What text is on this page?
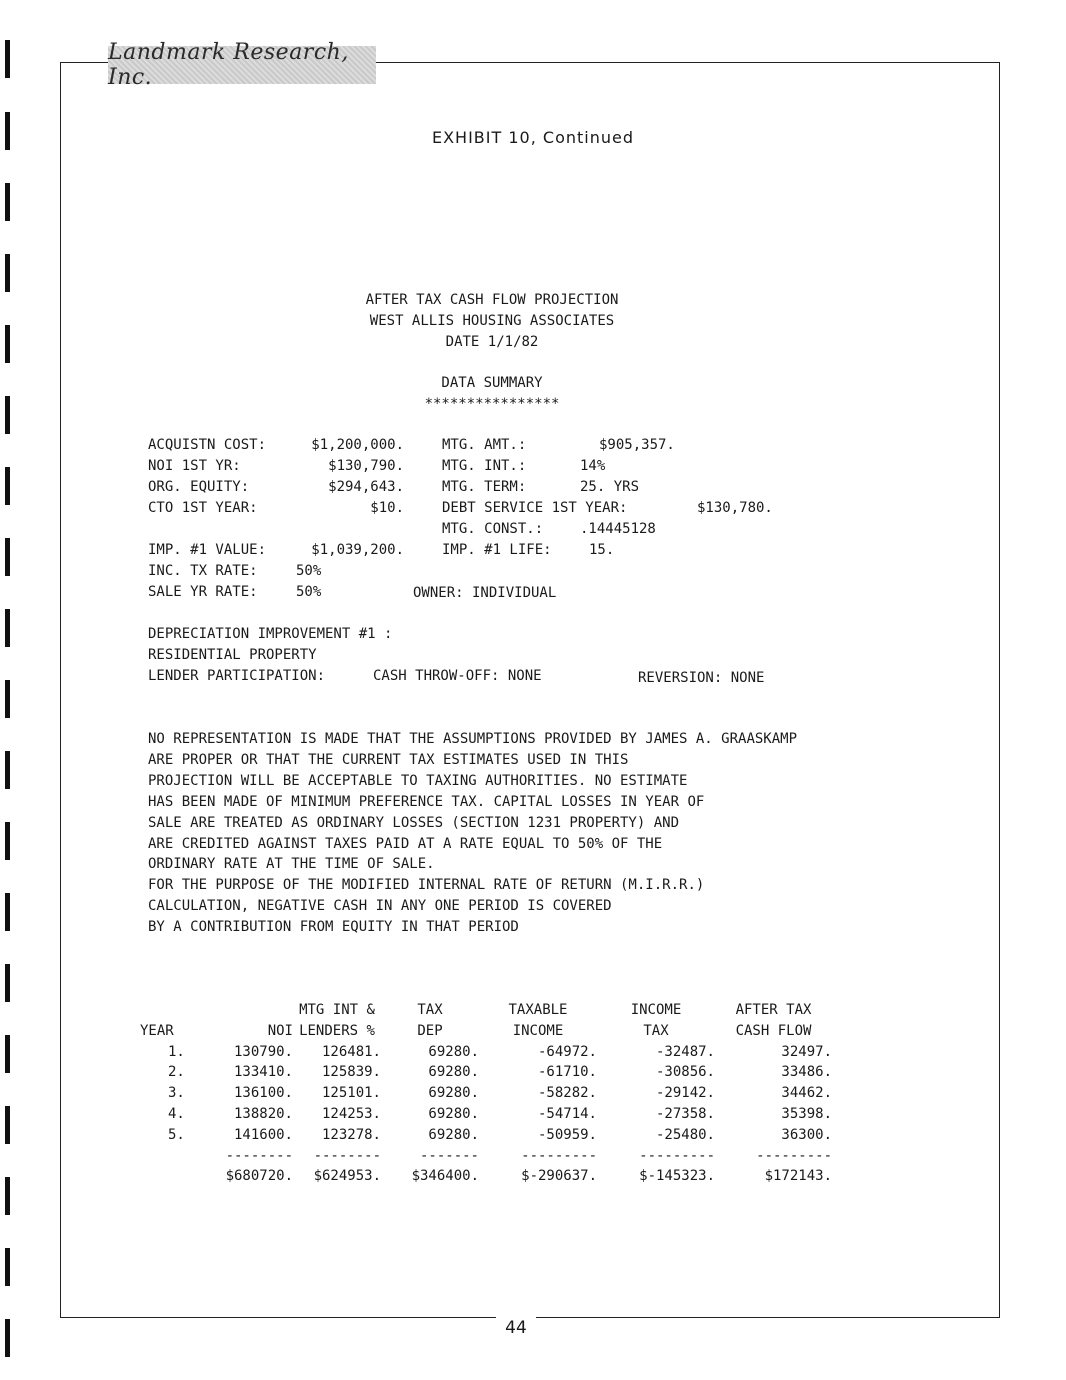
Landmark Research, Inc.
44
EXHIBIT 10, Continued
AFTER TAX CASH FLOW PROJECTION
WEST ALLIS HOUSING ASSOCIATES
DATE 1/1/82
DATA SUMMARY
****************
ACQUISTN COST:	$1,200,000.
NOI 1ST YR:	$130,790.
ORG. EQUITY:	$294,643.
CTO 1ST YEAR:	$10.
IMP. #1 VALUE:	$1,039,200.
INC. TX RATE:	50%
SALE YR RATE:	50%
MTG. AMT.:	$905,357.
MTG. INT.:	14%
MTG. TERM:	25. YRS
DEBT SERVICE 1ST YEAR:	$130,780.
MTG. CONST.:	.14445128
IMP. #1 LIFE:	15.
OWNER: INDIVIDUAL
DEPRECIATION IMPROVEMENT #1 :
RESIDENTIAL PROPERTY
LENDER PARTICIPATION:	CASH THROW-OFF: NONE	REVERSION: NONE
NO REPRESENTATION IS MADE THAT THE ASSUMPTIONS PROVIDED BY JAMES A. GRAASKAMP
ARE PROPER OR THAT THE CURRENT TAX ESTIMATES USED IN THIS
PROJECTION WILL BE ACCEPTABLE TO TAXING AUTHORITIES. NO ESTIMATE
HAS BEEN MADE OF MINIMUM PREFERENCE TAX. CAPITAL LOSSES IN YEAR OF
SALE ARE TREATED AS ORDINARY LOSSES (SECTION 1231 PROPERTY) AND
ARE CREDITED AGAINST TAXES PAID AT A RATE EQUAL TO 50% OF THE
ORDINARY RATE AT THE TIME OF SALE.
FOR THE PURPOSE OF THE MODIFIED INTERNAL RATE OF RETURN (M.I.R.R.)
CALCULATION, NEGATIVE CASH IN ANY ONE PERIOD IS COVERED
BY A CONTRIBUTION FROM EQUITY IN THAT PERIOD
		MTG INT &	TAX	TAXABLE	INCOME	AFTER TAX
YEAR	NOI	LENDERS %	DEP	INCOME	TAX	CASH FLOW
1.	130790.	126481.	69280.	-64972.	-32487.	32497.
2.	133410.	125839.	69280.	-61710.	-30856.	33486.
3.	136100.	125101.	69280.	-58282.	-29142.	34462.
4.	138820.	124253.	69280.	-54714.	-27358.	35398.
5.	141600.	123278.	69280.	-50959.	-25480.	36300.
	--------	--------	-------	---------	---------	---------
	$680720.	$624953.	$346400.	$-290637.	$-145323.	$172143.
